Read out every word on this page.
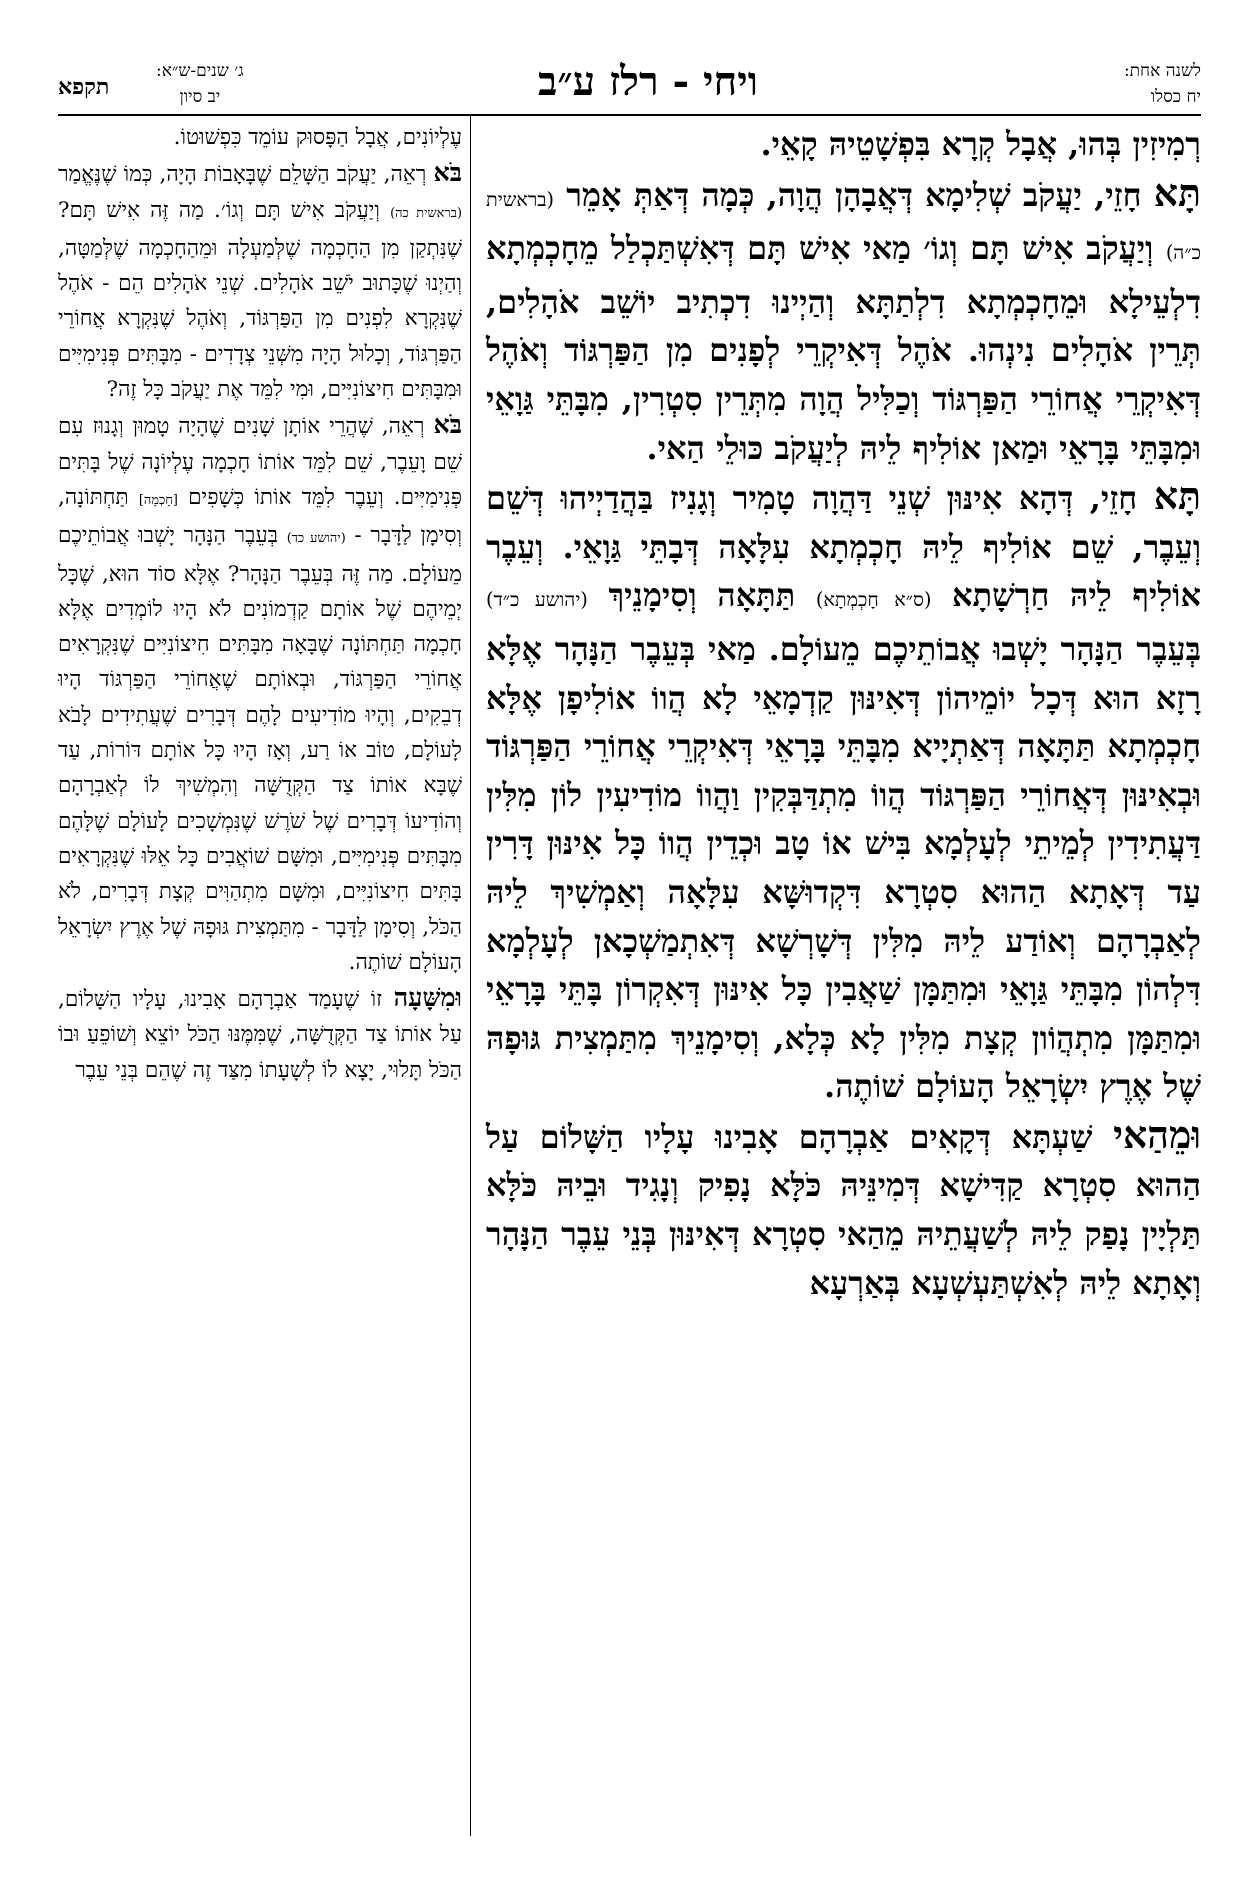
תקפא
ג׳ שנים-ש״א:
יב סיון	ויחי - רלז ע״ב	לשנה אחת:
יח כסלו

רְמִיזִין בְּהוּ, אֲבָל קְרָא בִּפְשָׁטֵיהּ קָאֵי.

תָּא חָזֵי, יַעֲקֹב שְׁלִימָא דְּאֲבָהָן הֲוָה, כְּמָה דְּאַתְּ אָמֵר (בראשית כ״ה) וְיַעֲקֹב אִישׁ תָּם וְגוֹ׳ מַאי אִישׁ תָּם דְּאִשְׁתַּכְלַל מֵחָכְמְתָא דִלְעֵילָא וּמֵחָכְמְתָא דִלְתַתָּא וְהַיְינוּ דִכְתִיב יוֹשֵׁב אֹהָלִים, תְּרֵין אֹהָלִים נִינְהוּ. אֹהֶל דְּאִיקְרֵי לְפָנִים מִן הַפַּרְגּוֹד וְאֹהֶל דְּאִיקְרֵי אֲחוֹרֵי הַפַּרְגּוֹד וְכַלִּיל הֲוָה מִתְּרֵין סִטְרִין, מִבָּתֵּי גַּוָאֵי וּמִבָּתֵּי בָּרָאֵי וּמַאן אוֹלִיף לֵיהּ לְיַעֲקֹב כּוּלֵי הַאי.

תָּא חָזֵי, דְּהָא אִינּוּן שְׁנֵי דַּהֲוָה טָמִיר וְגָנִיז בַּהֲדַיְיהוּ דְּשֵׁם וְעֵבֶר, שֵׁם אוֹלִיף לֵיהּ חָכְמְתָא עִלָּאָה דְּבָתֵּי גַּוָאֵי. וְעֵבֶר אוֹלִיף לֵיהּ חַרְשָׁתָא (ס״א חָכְמְתָא) תַּתָּאָה וְסִימָנֵיךְ (יהושע כ״ד) בְּעֵבֶר הַנָּהָר יָשְׁבוּ אֲבוֹתֵיכֶם מֵעוֹלָם. מַאי בְּעֵבֶר הַנָּהָר אֶלָּא רָזָא הוּא דְּכָל יוֹמֵיהוֹן דְּאִינּוּן קַדְמָאֵי לָא הֲווֹ אוֹלִיפָן אֶלָּא חָכְמְתָא תַּתָּאָה דְּאַתְיָיא מִבָּתֵּי בָּרָאֵי דְּאִיקְרֵי אֲחוֹרֵי הַפַּרְגּוֹד וּבְאִינּוּן דְּאֲחוֹרֵי הַפַּרְגּוֹד הֲווֹ מִתְדַּבְּקִין וַהֲווֹ מוֹדִיעִין לוֹן מִלִּין דַּעֲתִידִין לְמֵיתֵי לְעָלְמָא בִּישׁ אוֹ טָב וּכְדֵין הֲווֹ כָּל אִינּוּן דָּרִין עַד דְּאָתָא הַהוּא סִטְרָא דִּקְדוּשָּׁא עִלָּאָה וְאַמְשִׁיךְ לֵיהּ לְאַבְרָהָם וְאוֹדַע לֵיהּ מִלִּין דְּשָׁרְשָׁא דְּאִתְמַשְׁכָאן לְעָלְמָא דִּלְהוֹן מִבָּתֵּי גַּוָאֵי וּמִתַּמָּן שַׁאֲבִין כָּל אִינּוּן דְּאִקְרוֹן בָּתֵּי בָּרָאֵי וּמִתַּמָּן מִתְהֲוֹון קְצָת מִלִּין לָא כְּלָא, וְסִימָנֵיךְ מִתַּמְצִית גּוּפָהּ שֶׁל אֶרֶץ יִשְׂרָאֵל הָעוֹלָם שׁוֹתֶה.

וּמֵהַאי שַׁעְתָּא דְּקָאִים אַבְרָהָם אָבִינוּ עָלָיו הַשָּׁלוֹם עַל הַהוּא סִטְרָא קַדִּישָׁא דְּמִינֵּיהּ כֹּלָּא נָפִיק וְנָגִיד וּבֵיהּ כֹּלָּא תַּלְיָין נָפַק לֵיהּ לְשַׁעֲתֵיהּ מֵהַאי סִטְרָא דְּאִינּוּן בְּנֵי עֵבֶר הַנָּהָר וְאָתָא לֵיהּ לְאִשְׁתַּעְשְׁעָא בְּאַרְעָא

עֶלְיוֹנִים, אֲבָל הַפָּסוּק עוֹמֵד כִּפְשׁוּטוֹ.

בֹּא רְאֵה, יַעֲקֹב הַשָּׁלֵם שֶׁבָּאָבוֹת הָיָה, כְּמוֹ שֶׁנֶּאֱמַר (בראשית כה) וְיַעֲקֹב אִישׁ תָּם וְגוֹ׳. מַה זֶּה אִישׁ תָּם? שֶׁנִּתְקַן מִן הַחָכְמָה שֶׁלְּמַעְלָה וּמֵהַחָכְמָה שֶׁלְּמַטָּה, וְהַיְנוּ שֶׁכָּתוּב יֹשֵׁב אֹהָלִים. שְׁנֵי אֹהָלִים הֵם - אֹהֶל שֶׁנִּקְרָא לִפְנִים מִן הַפַּרְגּוֹד, וְאֹהֶל שֶׁנִּקְרָא אֲחוֹרֵי הַפַּרְגּוֹד, וְכָלוּל הָיָה מִשְּׁנֵי צְדָדִים - מִבָּתִּים פְּנִימִיִּים וּמִבָּתִּים חִיצוֹנִיִּים, וּמִי לִמֵּד אֶת יַעֲקֹב כָּל זֶה?

בֹּא רְאֵה, שֶׁהֲרֵי אוֹתָן שָׁנִים שֶׁהָיָה טָמוּן וְגָנוּז עִם שֵׁם וָעֵבֶר, שֵׁם לִמֵּד אוֹתוֹ חָכְמָה עֶלְיוֹנָה שֶׁל בָּתִּים פְּנִימִיִּים. וְעֵבֶר לִמֵּד אוֹתוֹ כְּשָׁפִים [חָכְמָה] תַּחְתּוֹנָה, וְסִימָן לַדָּבָר - (יהושע כד) בְּעֵבֶר הַנָּהָר יָשְׁבוּ אֲבוֹתֵיכֶם מֵעוֹלָם. מַה זֶּה בְּעֵבֶר הַנָּהָר? אֶלָּא סוֹד הוּא, שֶׁכָּל יְמֵיהֶם שֶׁל אוֹתָם קַדְמוֹנִים לֹא הָיוּ לוֹמְדִים אֶלָּא חָכְמָה תַּחְתּוֹנָה שֶׁבָּאָה מִבָּתִּים חִיצוֹנִיִּים שֶׁנִּקְרָאִים אֲחוֹרֵי הַפַּרְגּוֹד, וּבְאוֹתָם שֶׁאֲחוֹרֵי הַפַּרְגּוֹד הָיוּ דְבֵקִים, וְהָיוּ מוֹדִיעִים לָהֶם דְּבָרִים שֶׁעֲתִידִים לָבֹא לָעוֹלָם, טוֹב אוֹ רַע, וְאָז הָיוּ כָּל אוֹתָם דּוֹרוֹת, עַד שֶׁבָּא אוֹתוֹ צַד הַקְּדֻשָּׁה וְהִמְשִׁיךְ לוֹ לְאַבְרָהָם וְהוֹדִיעוֹ דְּבָרִים שֶׁל שֹׁרֶשׁ שֶׁנִּמְשָׁכִים לָעוֹלָם שֶׁלָּהֶם מִבָּתִּים פְּנִימִיִּים, וּמִשָּׁם שׁוֹאֲבִים כָּל אֵלּוּ שֶׁנִּקְרָאִים בָּתִּים חִיצוֹנִיִּים, וּמִשָּׁם מִתְהַוִּים קְצָת דְּבָרִים, לֹא הַכֹּל, וְסִימָן לַדָּבָר - מִתַּמְצִית גּוּפָהּ שֶׁל אֶרֶץ יִשְׂרָאֵל הָעוֹלָם שׁוֹתֶה.

וּמִשָּׁעָה זוֹ שֶׁעָמַד אַבְרָהָם אָבִינוּ, עָלָיו הַשָּׁלוֹם, עַל אוֹתוֹ צַד הַקְּדֻשָּׁה, שֶׁמִּמֶּנּוּ הַכֹּל יוֹצֵא וְשׁוֹפֵעַ וּבוֹ הַכֹּל תָּלוּי, יָצָא לוֹ לְשָׁעָתוֹ מִצַּד זֶה שֶׁהֵם בְּנֵי עֵבֶר
